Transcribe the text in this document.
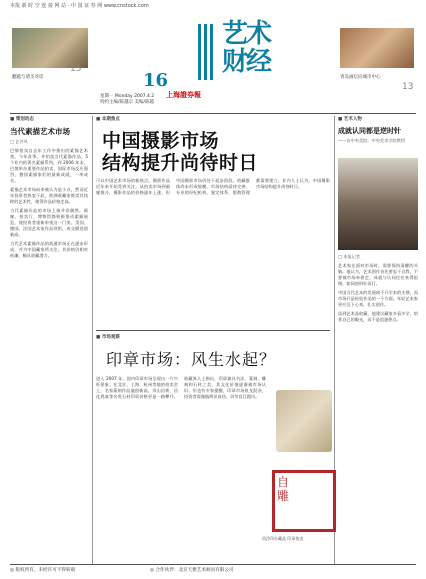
本报 新 时 空 连 接 网 站 · 中 国 证 券 网 www.cnstock.com
翻越与诸圣对话
15
艺术财经
16
上海證券報
星期一 Monday 2007.4.2
特约主编/陈越宗 美编/陈越
青岛画坛向城市中心
13
■ 策划动态
当代素描艺术市场
□ 艺评风

巴黎拍卖自去年工作中推出的素描艺术类。今年首季，并拍卖当代素描作品，5 个业内的著名素描系列，到 2006 年末，巴黎举办重要作品拍卖，国际市场反应强烈，德国素描家们的最新成就，一举成名。

素描艺术市场向来被认为是小众，然而近年投资者热衷于此，欧洲收藏家推崇其纯粹的艺术性，使得作品价格走高。

当代素描作品的市场上扬并非偶然。画廊、拍卖行、博物馆都积极推动素描展览，使投资者重新审视这一门类。美国、德国、法国艺术家作品领衔，成交额迭创新高。

当代艺术素描作品的流通市场正在逐步形成，并为中国藏家所关注，其价格仍相对低廉，颇具收藏潜力。

■ 本期焦点
中国摄影市场
结构提升尚待时日

可以中国艺术市场的新热点，摄影作品近年来开始受到关注。从拍卖市场到画廊推介，摄影作品的价格逐年上涨，但中国摄影市场仍处于起步阶段。收藏群体尚未形成规模，市场结构亟待完善。专业的经纪机构、鉴定体系、版数管理都需要建立。业内人士认为，中国摄影市场结构提升尚待时日。

■ 市场观察
印章市场：风生水起？

进入 2007 年，国内印章市场呈现出一片兴旺景象。在北京、上海、杭州等地的拍卖会上，名家篆刻作品屡创新高，寿山田黄、昌化鸡血等名贵石材印章价格更是一路攀升。收藏界人士指出，印章兼具书法、篆刻、雕刻和石材之美，其文化价值逐渐被市场认识。但也有专家提醒，印章市场鱼龙混杂，投资者需谨慎辨识真伪，切勿盲目跟风。

自
雕
西泠印社藏品 印章拍卖
■ 艺术人物
成就认同都是逆时针
——访中央美院、中央美术学院教授
□ 本报记者

艺术家在面对市场时，需要保持清醒的头脑。他认为，艺术创作首先要忠于自我，不要被市场牵着走。成就与认同往往来得很慢，如同逆时针而行。

中国当代艺术的发展离不开学术的支撑，而市场只是检验作品的一个方面。年轻艺术家更应沉下心来，扎实创作。

谈到艺术品收藏，他建议藏家多看多学，培养自己的眼光，而不是追逐热点。

◎ 版权所有，未经许可不得转载	◎ 合作伙伴：北京天雅艺术顾问有限公司
